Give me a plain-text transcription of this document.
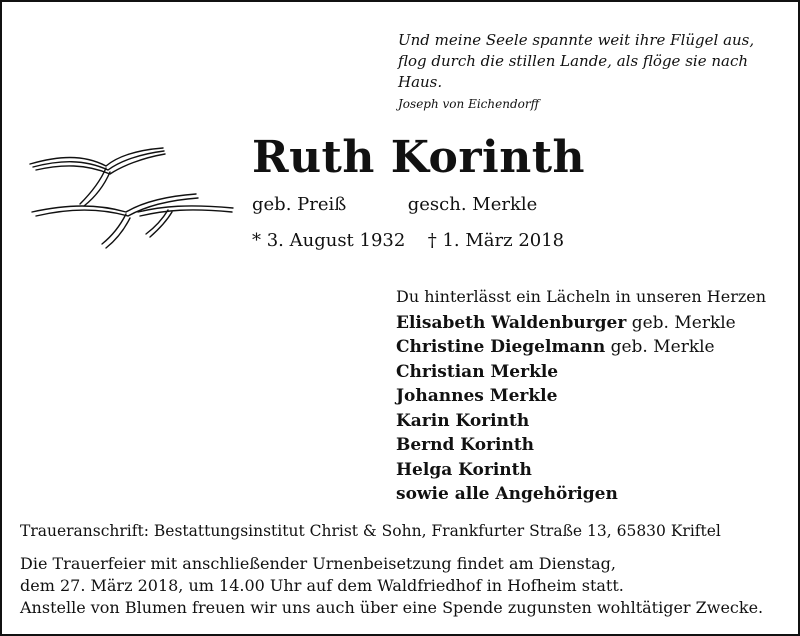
Und meine Seele spannte weit ihre Flügel aus,
flog durch die stillen Lande, als flöge sie nach Haus.
Joseph von Eichendorff
Ruth Korinth
geb. Preiß	gesch. Merkle
* 3. August 1932 † 1. März 2018
Du hinterlässt ein Lächeln in unseren Herzen
Elisabeth Waldenburger geb. Merkle
Christine Diegelmann geb. Merkle
Christian Merkle
Johannes Merkle
Karin Korinth
Bernd Korinth
Helga Korinth
sowie alle Angehörigen
Traueranschrift: Bestattungsinstitut Christ & Sohn, Frankfurter Straße 13, 65830 Kriftel
Die Trauerfeier mit anschließender Urnenbeisetzung findet am Dienstag,
dem 27. März 2018, um 14.00 Uhr auf dem Waldfriedhof in Hofheim statt.
Anstelle von Blumen freuen wir uns auch über eine Spende zugunsten wohltätiger Zwecke.
